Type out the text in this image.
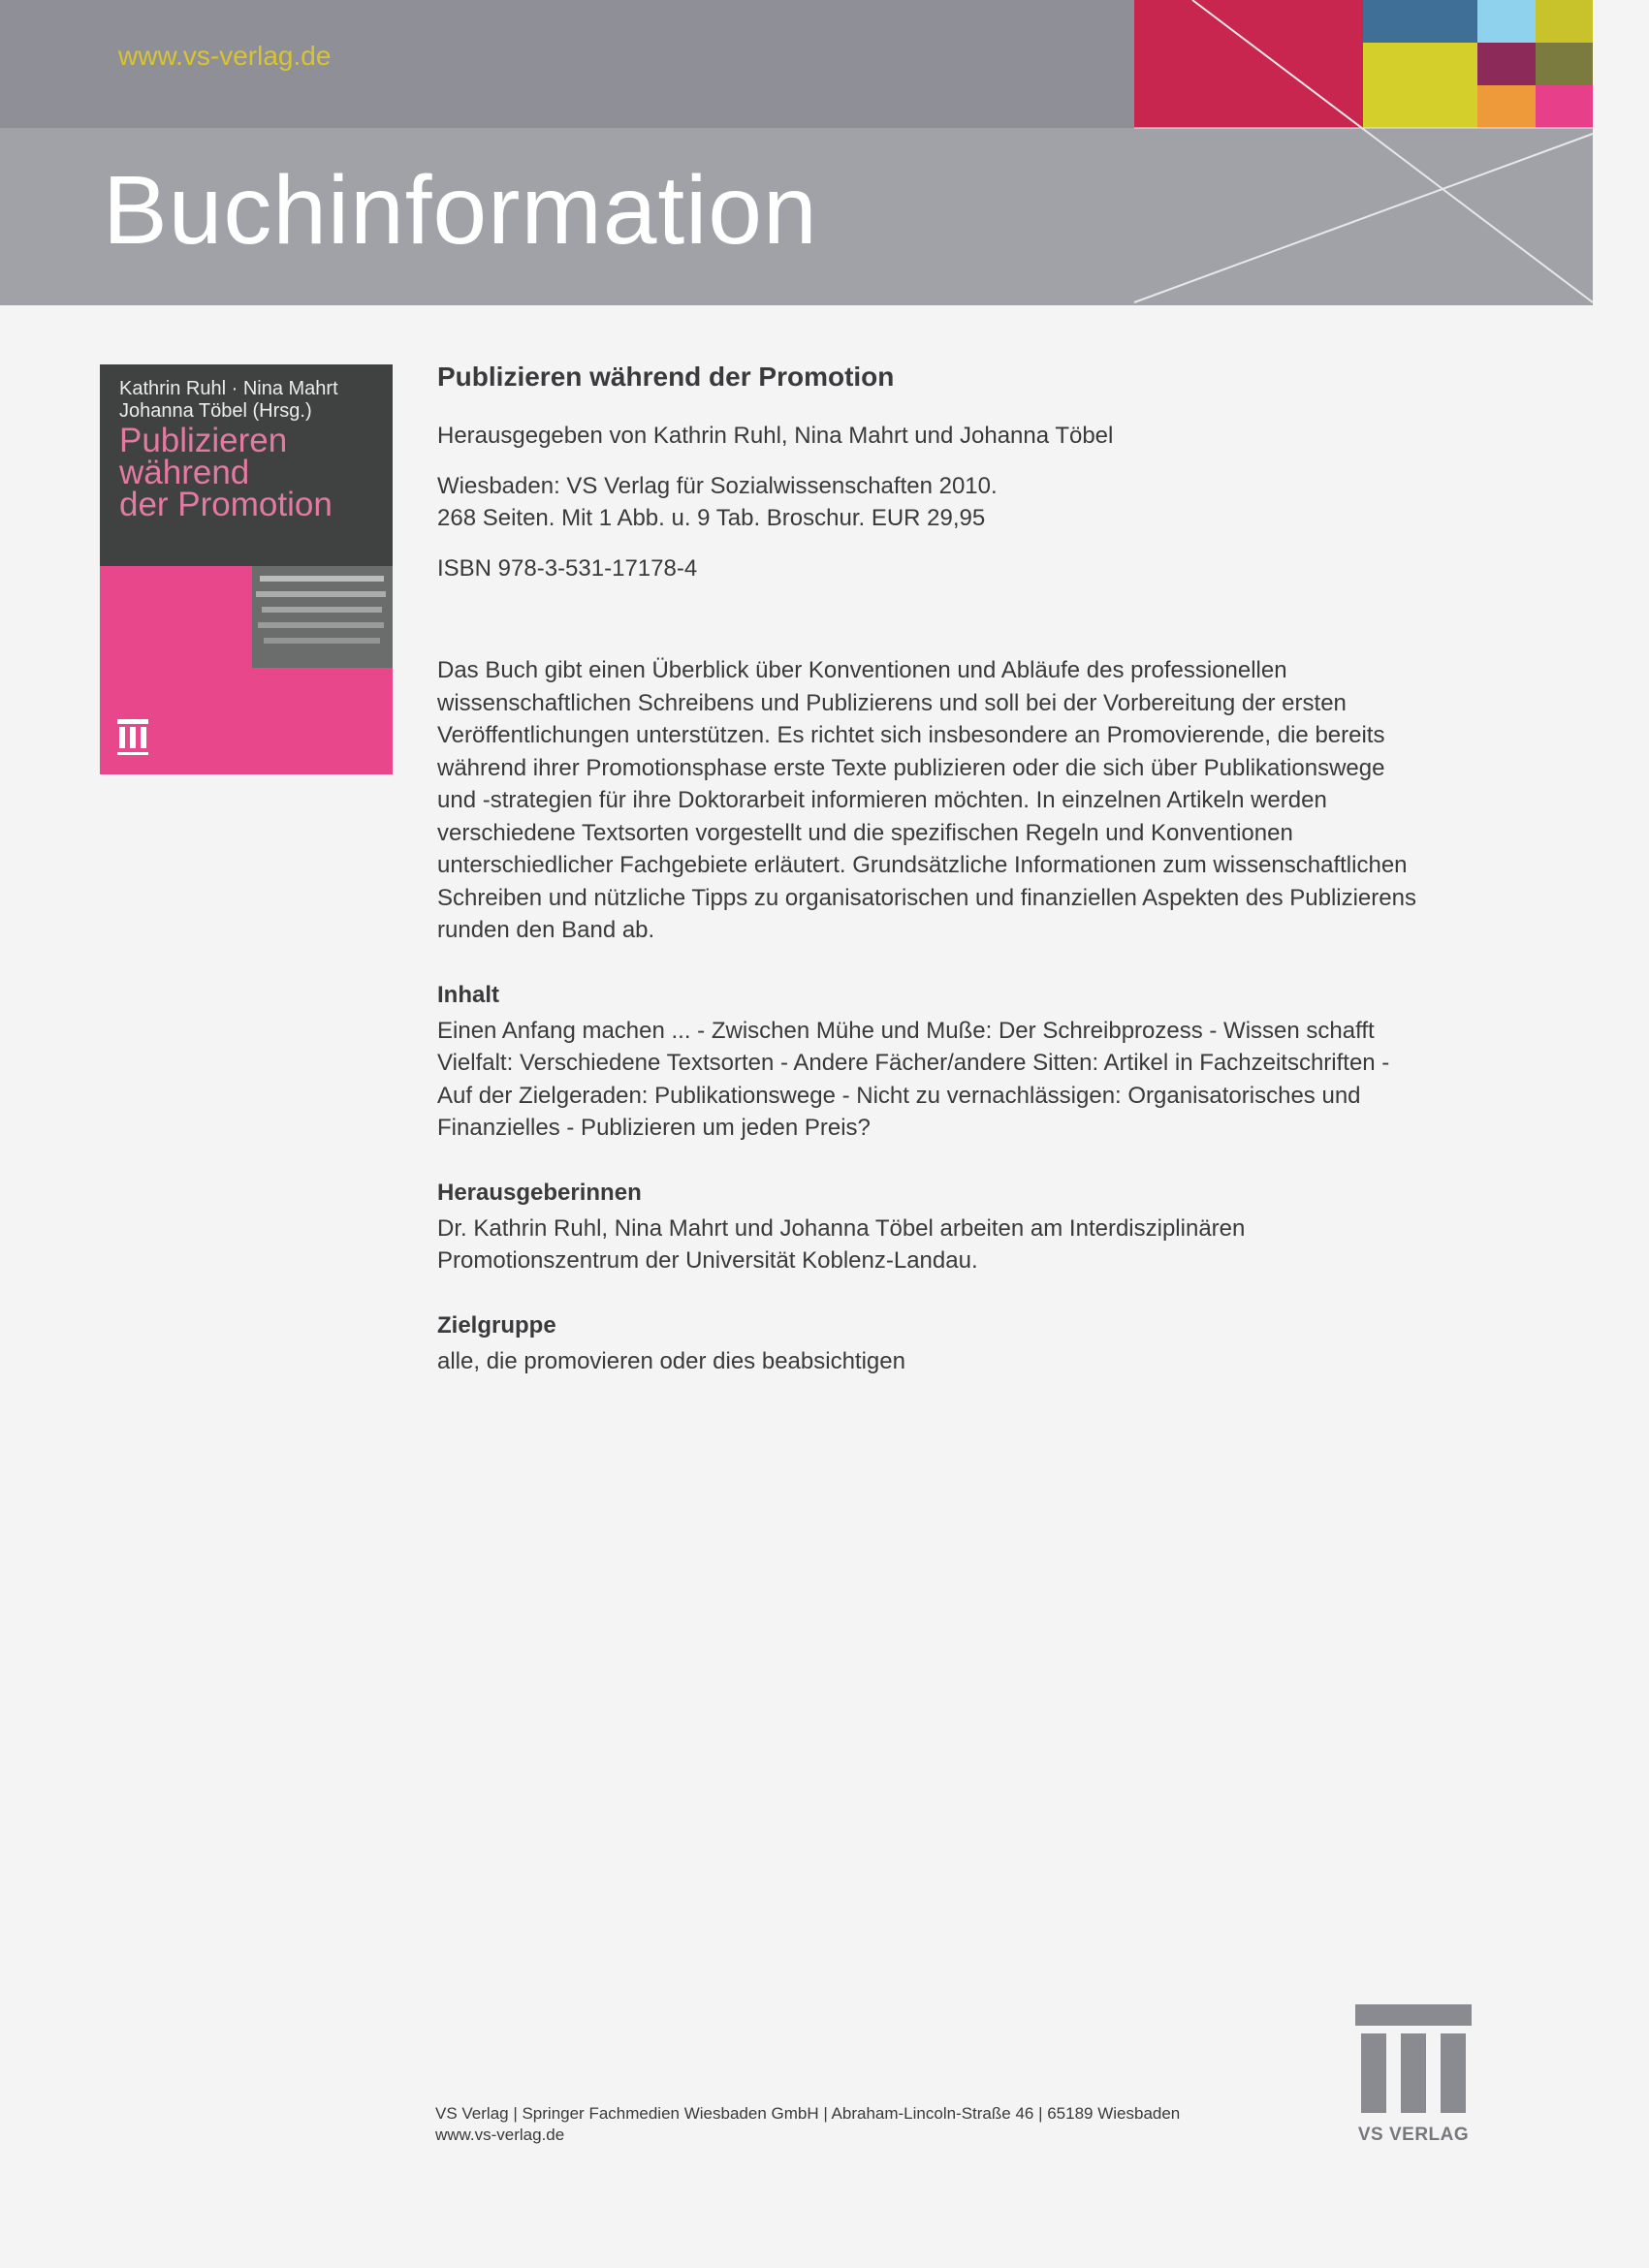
www.vs-verlag.de
Buchinformation
Kathrin Ruhl · Nina Mahrt
Johanna Töbel (Hrsg.)
Publizieren
während
der Promotion
Publizieren während der Promotion

Herausgegeben von Kathrin Ruhl, Nina Mahrt und Johanna Töbel

Wiesbaden: VS Verlag für Sozialwissenschaften 2010.

268 Seiten. Mit 1 Abb. u. 9 Tab. Broschur. EUR 29,95

ISBN 978-3-531-17178-4

Das Buch gibt einen Überblick über Konventionen und Abläufe des professionellen wissenschaftlichen Schreibens und Publizierens und soll bei der Vorbereitung der ersten Veröffentlichungen unterstützen. Es richtet sich insbesondere an Promovierende, die bereits während ihrer Promotionsphase erste Texte publizieren oder die sich über Publikationswege und -strategien für ihre Doktorarbeit informieren möchten. In einzelnen Artikeln werden verschiedene Textsorten vorgestellt und die spezifischen Regeln und Konventionen unterschiedlicher Fachgebiete erläutert. Grundsätzliche Informationen zum wissenschaftlichen Schreiben und nützliche Tipps zu organisatorischen und finanziellen Aspekten des Publizierens runden den Band ab.

Inhalt

Einen Anfang machen ... - Zwischen Mühe und Muße: Der Schreibprozess - Wissen schafft Vielfalt: Verschiedene Textsorten - Andere Fächer/andere Sitten: Artikel in Fachzeitschriften - Auf der Zielgeraden: Publikationswege - Nicht zu vernachlässigen: Organisatorisches und Finanzielles - Publizieren um jeden Preis?

Herausgeberinnen

Dr. Kathrin Ruhl, Nina Mahrt und Johanna Töbel arbeiten am Interdisziplinären Promotionszentrum der Universität Koblenz-Landau.

Zielgruppe

alle, die promovieren oder dies beabsichtigen

VS Verlag | Springer Fachmedien Wiesbaden GmbH | Abraham-Lincoln-Straße 46 | 65189 Wiesbaden
www.vs-verlag.de	VS VERLAG
